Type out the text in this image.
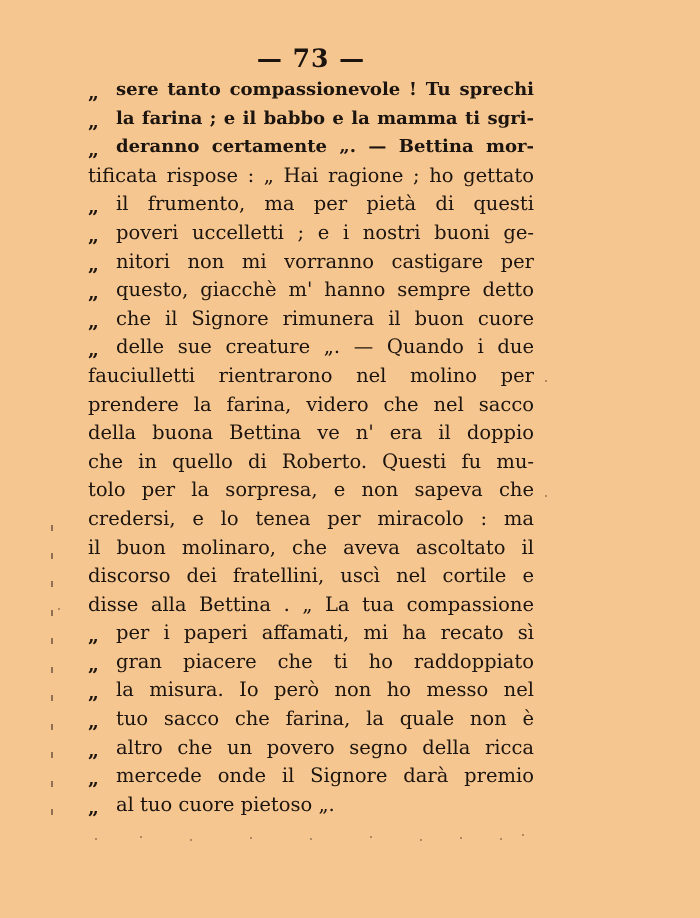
— 73 —
„ sere tanto compassionevole ! Tu sprechi
„ la farina ; e il babbo e la mamma ti sgri-
„ deranno certamente „. — Bettina mor-
tificata rispose : „ Hai ragione ; ho gettato
„ il frumento, ma per pietà di questi
„ poveri uccelletti ; e i nostri buoni ge-
„ nitori non mi vorranno castigare per
„ questo, giacchè m' hanno sempre detto
„ che il Signore rimunera il buon cuore
„ delle sue creature „. — Quando i due
fauciulletti rientrarono nel molino per
prendere la farina, videro che nel sacco
della buona Bettina ve n' era il doppio
che in quello di Roberto. Questi fu mu-
tolo per la sorpresa, e non sapeva che
credersi, e lo tenea per miracolo : ma
il buon molinaro, che aveva ascoltato il
discorso dei fratellini, uscì nel cortile e
disse alla Bettina . „ La tua compassione
„ per i paperi affamati, mi ha recato sì
„ gran piacere che ti ho raddoppiato
„ la misura. Io però non ho messo nel
„ tuo sacco che farina, la quale non è
„ altro che un povero segno della ricca
„ mercede onde il Signore darà premio
„ al tuo cuore pietoso „.
